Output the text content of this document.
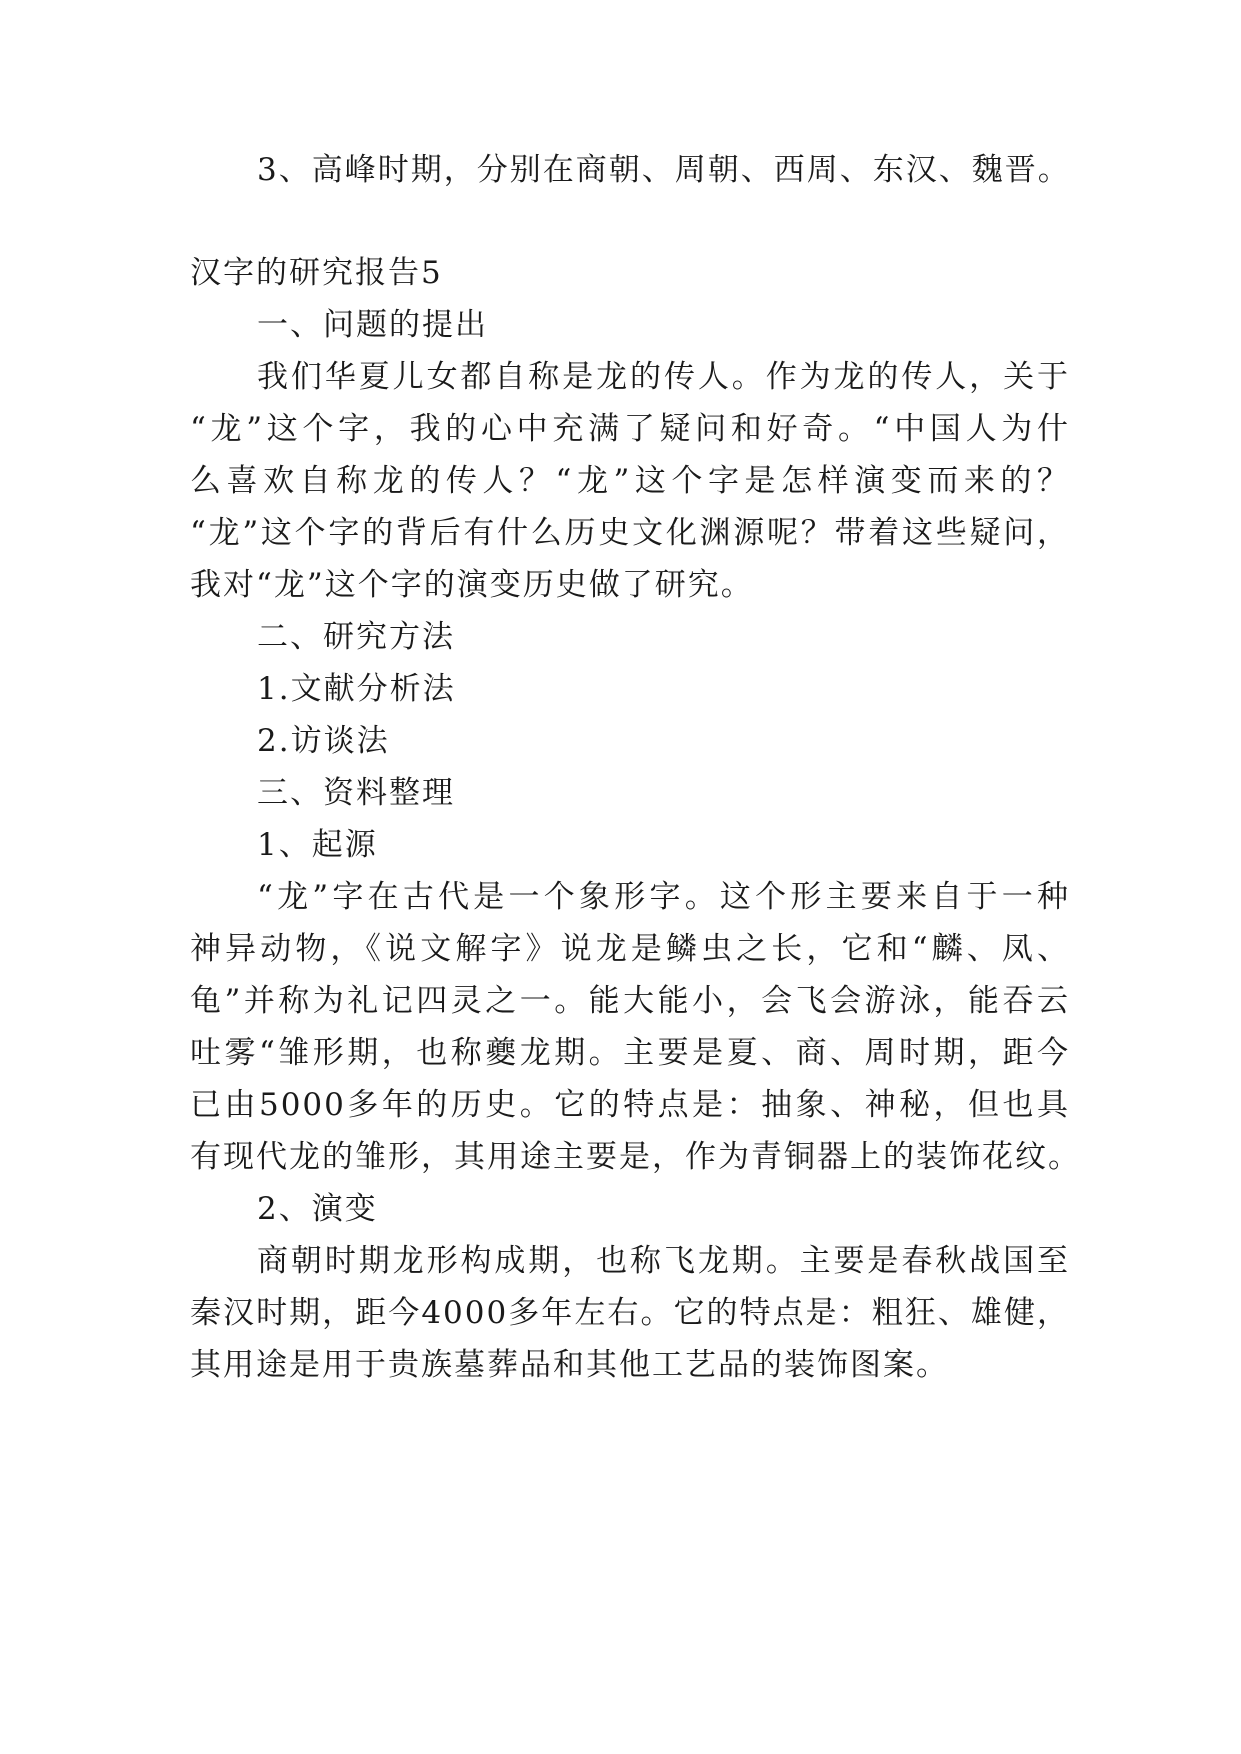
3、高峰时期，分别在商朝、周朝、西周、东汉、魏晋。
汉字的研究报告5
一、问题的提出
我们华夏儿女都自称是龙的传人。作为龙的传人，关于
“龙”这个字，我的心中充满了疑问和好奇。“中国人为什
么喜欢自称龙的传人？“龙”这个字是怎样演变而来的？
“龙”这个字的背后有什么历史文化渊源呢？带着这些疑问，
我对“龙”这个字的演变历史做了研究。
二、研究方法
1.文献分析法
2.访谈法
三、资料整理
1、起源
“龙”字在古代是一个象形字。这个形主要来自于一种
神异动物，《说文解字》说龙是鳞虫之长，它和“麟、凤、
龟”并称为礼记四灵之一。能大能小，会飞会游泳，能吞云
吐雾“雏形期，也称夔龙期。主要是夏、商、周时期，距今
已由5000多年的历史。它的特点是：抽象、神秘，但也具
有现代龙的雏形，其用途主要是，作为青铜器上的装饰花纹。
2、演变
商朝时期龙形构成期，也称飞龙期。主要是春秋战国至
秦汉时期，距今4000多年左右。它的特点是：粗狂、雄健，
其用途是用于贵族墓葬品和其他工艺品的装饰图案。
